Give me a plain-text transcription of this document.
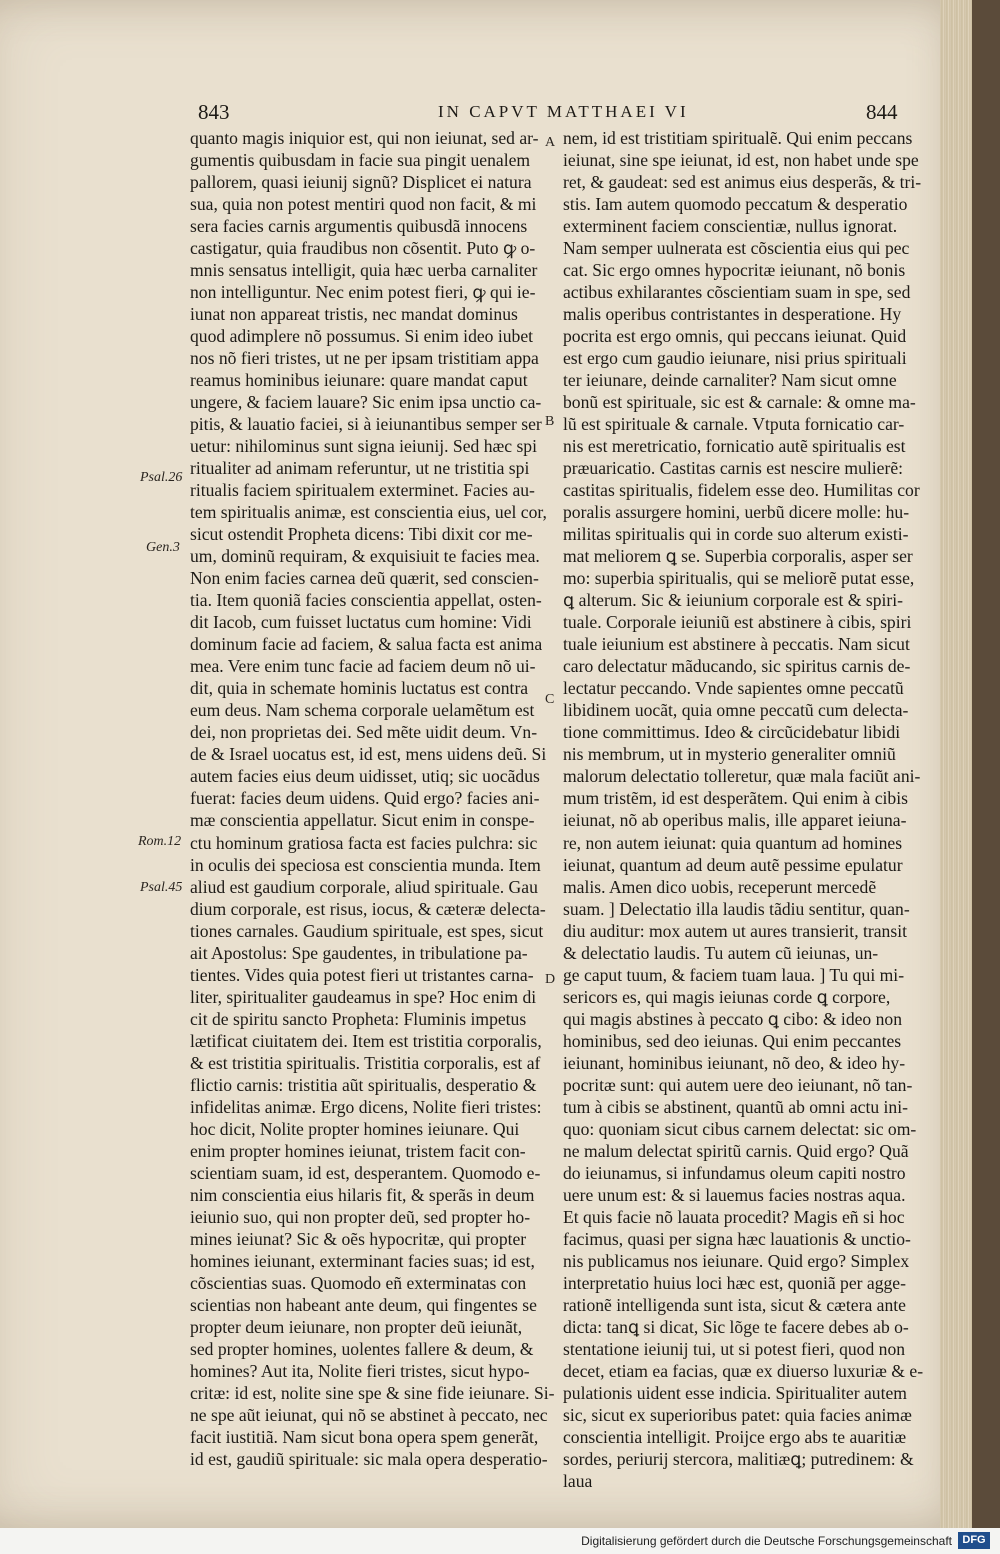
843	IN CAPVT MATTHAEI VI	844
quanto magis iniquior est, qui non ieiunat, sed ar-
gumentis quibusdam in facie sua pingit uenalem
pallorem, quasi ieiunij signũ? Displicet ei natura
sua, quia non potest mentiri quod non facit, & mi
sera facies carnis argumentis quibusdã innocens
castigatur, quia fraudibus non cõsentit. Puto ꝙ o-
mnis sensatus intelligit, quia hæc uerba carnaliter
non intelliguntur. Nec enim potest fieri, ꝙ qui ie-
iunat non appareat tristis, nec mandat dominus
quod adimplere nõ possumus. Si enim ideo iubet
nos nõ fieri tristes, ut ne per ipsam tristitiam appa
reamus hominibus ieiunare: quare mandat caput
ungere, & faciem lauare? Sic enim ipsa unctio ca-
pitis, & lauatio faciei, si à ieiunantibus semper ser
uetur: nihilominus sunt signa ieiunij. Sed hæc spi
ritualiter ad animam referuntur, ut ne tristitia spi
ritualis faciem spiritualem exterminet. Facies au-
tem spiritualis animæ, est conscientia eius, uel cor,
sicut ostendit Propheta dicens: Tibi dixit cor me-
um, dominũ requiram, & exquisiuit te facies mea.
Non enim facies carnea deũ quærit, sed conscien-
tia. Item quoniã facies conscientia appellat, osten-
dit Iacob, cum fuisset luctatus cum homine: Vidi
dominum facie ad faciem, & salua facta est anima
mea. Vere enim tunc facie ad faciem deum nõ ui-
dit, quia in schemate hominis luctatus est contra
eum deus. Nam schema corporale uelamẽtum est
dei, non proprietas dei. Sed mẽte uidit deum. Vn-
de & Israel uocatus est, id est, mens uidens deũ. Si
autem facies eius deum uidisset, utiq; sic uocãdus
fuerat: facies deum uidens. Quid ergo? facies ani-
mæ conscientia appellatur. Sicut enim in conspe-
ctu hominum gratiosa facta est facies pulchra: sic
in oculis dei speciosa est conscientia munda. Item
aliud est gaudium corporale, aliud spirituale. Gau
dium corporale, est risus, iocus, & cæteræ delecta-
tiones carnales. Gaudium spirituale, est spes, sicut
ait Apostolus: Spe gaudentes, in tribulatione pa-
tientes. Vides quia potest fieri ut tristantes carna-
liter, spiritualiter gaudeamus in spe? Hoc enim di
cit de spiritu sancto Propheta: Fluminis impetus
lætificat ciuitatem dei. Item est tristitia corporalis,
& est tristitia spiritualis. Tristitia corporalis, est af
flictio carnis: tristitia aũt spiritualis, desperatio &
infidelitas animæ. Ergo dicens, Nolite fieri tristes:
hoc dicit, Nolite propter homines ieiunare. Qui
enim propter homines ieiunat, tristem facit con-
scientiam suam, id est, desperantem. Quomodo e-
nim conscientia eius hilaris fit, & sperãs in deum
ieiunio suo, qui non propter deũ, sed propter ho-
mines ieiunat? Sic & oẽs hypocritæ, qui propter
homines ieiunant, exterminant facies suas; id est,
cõscientias suas. Quomodo eñ exterminatas con
scientias non habeant ante deum, qui fingentes se
propter deum ieiunare, non propter deũ ieiunãt,
sed propter homines, uolentes fallere & deum, &
homines? Aut ita, Nolite fieri tristes, sicut hypo-
critæ: id est, nolite sine spe & sine fide ieiunare. Si-
ne spe aũt ieiunat, qui nõ se abstinet à peccato, nec
facit iustitiã. Nam sicut bona opera spem generãt,
id est, gaudiũ spirituale: sic mala opera desperatio-
nem, id est tristitiam spiritualẽ. Qui enim peccans
ieiunat, sine spe ieiunat, id est, non habet unde spe
ret, & gaudeat: sed est animus eius desperãs, & tri-
stis. Iam autem quomodo peccatum & desperatio
exterminent faciem conscientiæ, nullus ignorat.
Nam semper uulnerata est cõscientia eius qui pec
cat. Sic ergo omnes hypocritæ ieiunant, nõ bonis
actibus exhilarantes cõscientiam suam in spe, sed
malis operibus contristantes in desperatione. Hy
pocrita est ergo omnis, qui peccans ieiunat. Quid
est ergo cum gaudio ieiunare, nisi prius spirituali
ter ieiunare, deinde carnaliter? Nam sicut omne
bonũ est spirituale, sic est & carnale: & omne ma-
lũ est spirituale & carnale. Vtputa fornicatio car-
nis est meretricatio, fornicatio autẽ spiritualis est
præuaricatio. Castitas carnis est nescire mulierẽ:
castitas spiritualis, fidelem esse deo. Humilitas cor
poralis assurgere homini, uerbũ dicere molle: hu-
militas spiritualis qui in corde suo alterum existi-
mat meliorem ꝗ se. Superbia corporalis, asper ser
mo: superbia spiritualis, qui se meliorẽ putat esse,
ꝗ alterum. Sic & ieiunium corporale est & spiri-
tuale. Corporale ieiuniũ est abstinere à cibis, spiri
tuale ieiunium est abstinere à peccatis. Nam sicut
caro delectatur mãducando, sic spiritus carnis de-
lectatur peccando. Vnde sapientes omne peccatũ
libidinem uocãt, quia omne peccatũ cum delecta-
tione committimus. Ideo & circũcidebatur libidi
nis membrum, ut in mysterio generaliter omniũ
malorum delectatio tolleretur, quæ mala faciũt ani-
mum tristẽm, id est desperãtem. Qui enim à cibis
ieiunat, nõ ab operibus malis, ille apparet ieiuna-
re, non autem ieiunat: quia quantum ad homines
ieiunat, quantum ad deum autẽ pessime epulatur
malis. Amen dico uobis, receperunt mercedẽ
suam. ] Delectatio illa laudis tãdiu sentitur, quan-
diu auditur: mox autem ut aures transierit, transit
& delectatio laudis. Tu autem cũ ieiunas, un-
ge caput tuum, & faciem tuam laua. ] Tu qui mi-
sericors es, qui magis ieiunas corde ꝗ corpore,
qui magis abstines à peccato ꝗ cibo: & ideo non
hominibus, sed deo ieiunas. Qui enim peccantes
ieiunant, hominibus ieiunant, nõ deo, & ideo hy-
pocritæ sunt: qui autem uere deo ieiunant, nõ tan-
tum à cibis se abstinent, quantũ ab omni actu ini-
quo: quoniam sicut cibus carnem delectat: sic om-
ne malum delectat spiritũ carnis. Quid ergo? Quã
do ieiunamus, si infundamus oleum capiti nostro
uere unum est: & si lauemus facies nostras aqua.
Et quis facie nõ lauata procedit? Magis eñ si hoc
facimus, quasi per signa hæc lauationis & unctio-
nis publicamus nos ieiunare. Quid ergo? Simplex
interpretatio huius loci hæc est, quoniã per agge-
rationẽ intelligenda sunt ista, sicut & cætera ante
dicta: tanꝗ si dicat, Sic lõge te facere debes ab o-
stentatione ieiunij tui, ut si potest fieri, quod non
decet, etiam ea facias, quæ ex diuerso luxuriæ & e-
pulationis uident esse indicia. Spiritualiter autem
sic, sicut ex superioribus patet: quia facies animæ
conscientia intelligit. Proijce ergo abs te auaritiæ
sordes, periurij stercora, malitiæꝗ; putredinem: &
laua
Psal.26
Gen.3
Rom.12
Psal.45
A
B
C
D
Digitalisierung gefördert durch die Deutsche Forschungsgemeinschaft DFG
